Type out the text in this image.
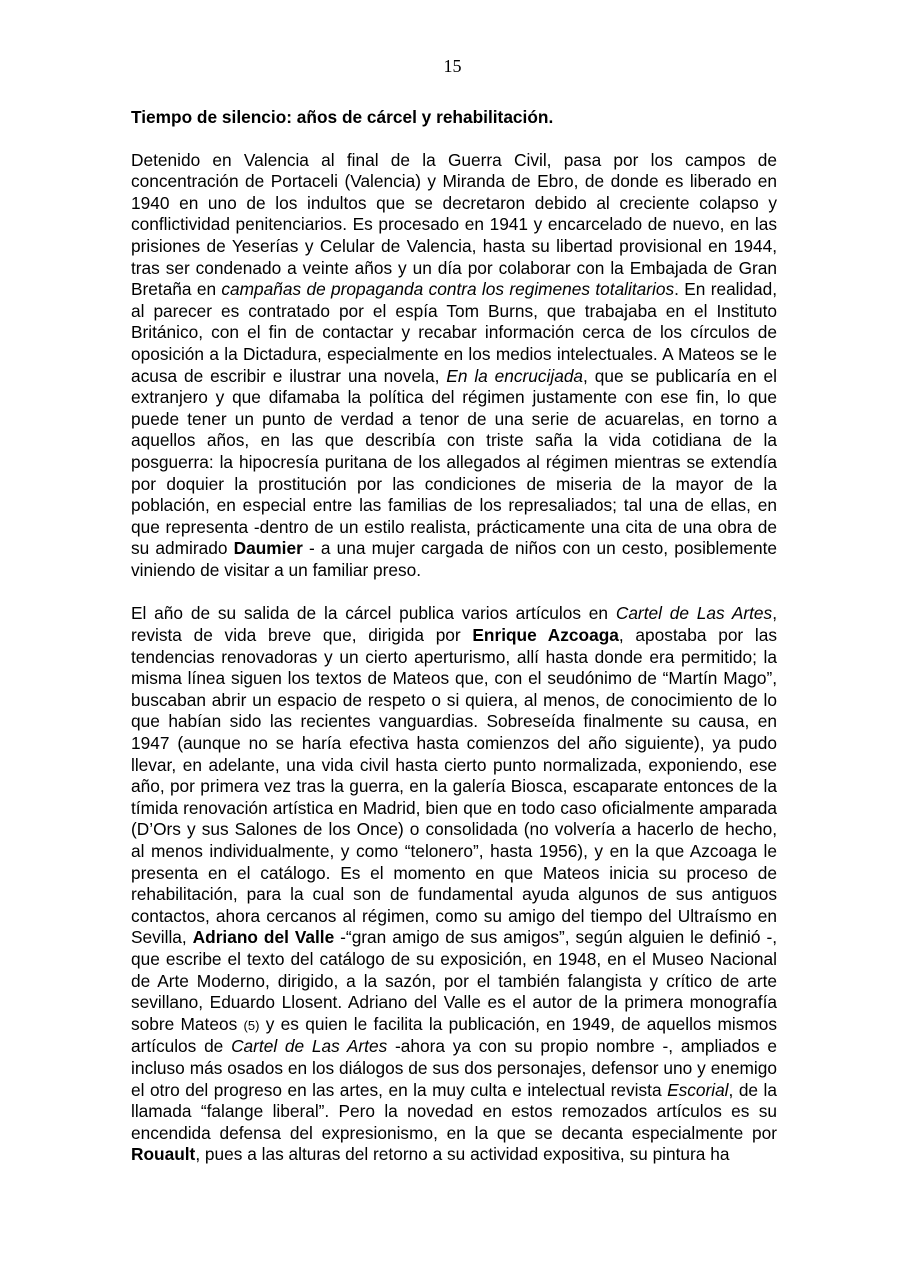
15
Tiempo de silencio: años de cárcel y rehabilitación.
Detenido en Valencia al final de la Guerra Civil, pasa por los campos de concentración de Portaceli (Valencia) y Miranda de Ebro, de donde es liberado en 1940 en uno de los indultos que se decretaron debido al creciente colapso y conflictividad penitenciarios. Es procesado en 1941 y encarcelado de nuevo, en las prisiones de Yeserías y Celular de Valencia, hasta su libertad provisional en 1944, tras ser condenado a veinte años y un día por colaborar con la Embajada de Gran Bretaña en campañas de propaganda contra los regimenes totalitarios. En realidad, al parecer es contratado por el espía Tom Burns, que trabajaba en el Instituto Británico, con el fin de contactar y recabar información cerca de los círculos de oposición a la Dictadura, especialmente en los medios intelectuales. A Mateos se le acusa de escribir e ilustrar una novela, En la encrucijada, que se publicaría en el extranjero y que difamaba la política del régimen justamente con ese fin, lo que puede tener un punto de verdad a tenor de una serie de acuarelas, en torno a aquellos años, en las que describía con triste saña la vida cotidiana de la posguerra: la hipocresía puritana de los allegados al régimen mientras se extendía por doquier la prostitución por las condiciones de miseria de la mayor de la población, en especial entre las familias de los represaliados; tal una de ellas, en que representa -dentro de un estilo realista, prácticamente una cita de una obra de su admirado Daumier - a una mujer cargada de niños con un cesto, posiblemente viniendo de visitar a un familiar preso.
El año de su salida de la cárcel publica varios artículos en Cartel de Las Artes, revista de vida breve que, dirigida por Enrique Azcoaga, apostaba por las tendencias renovadoras y un cierto aperturismo, allí hasta donde era permitido; la misma línea siguen los textos de Mateos que, con el seudónimo de “Martín Mago”, buscaban abrir un espacio de respeto o si quiera, al menos, de conocimiento de lo que habían sido las recientes vanguardias. Sobreseída finalmente su causa, en 1947 (aunque no se haría efectiva hasta comienzos del año siguiente), ya pudo llevar, en adelante, una vida civil hasta cierto punto normalizada, exponiendo, ese año, por primera vez tras la guerra, en la galería Biosca, escaparate entonces de la tímida renovación artística en Madrid, bien que en todo caso oficialmente amparada (D’Ors y sus Salones de los Once) o consolidada (no volvería a hacerlo de hecho, al menos individualmente, y como “telonero”, hasta 1956), y en la que Azcoaga le presenta en el catálogo. Es el momento en que Mateos inicia su proceso de rehabilitación, para la cual son de fundamental ayuda algunos de sus antiguos contactos, ahora cercanos al régimen, como su amigo del tiempo del Ultraísmo en Sevilla, Adriano del Valle -“gran amigo de sus amigos”, según alguien le definió -, que escribe el texto del catálogo de su exposición, en 1948, en el Museo Nacional de Arte Moderno, dirigido, a la sazón, por el también falangista y crítico de arte sevillano, Eduardo Llosent. Adriano del Valle es el autor de la primera monografía sobre Mateos (5) y es quien le facilita la publicación, en 1949, de aquellos mismos artículos de Cartel de Las Artes -ahora ya con su propio nombre -, ampliados e incluso más osados en los diálogos de sus dos personajes, defensor uno y enemigo el otro del progreso en las artes, en la muy culta e intelectual revista Escorial, de la llamada “falange liberal”. Pero la novedad en estos remozados artículos es su encendida defensa del expresionismo, en la que se decanta especialmente por Rouault, pues a las alturas del retorno a su actividad expositiva, su pintura ha
